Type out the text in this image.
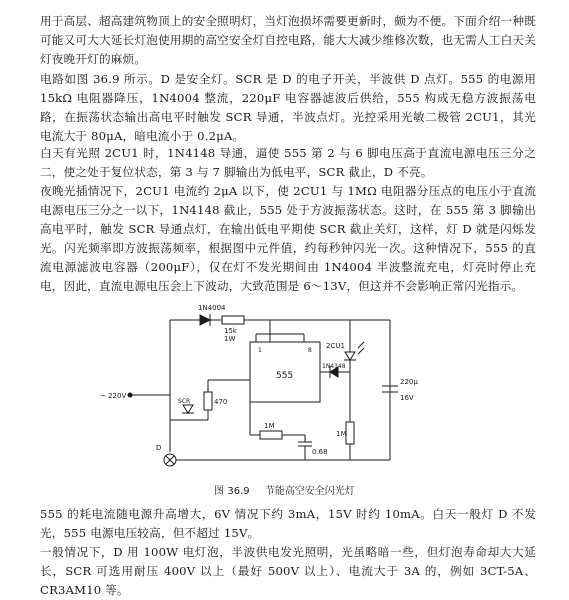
用于高层、超高建筑物顶上的安全照明灯，当灯泡损坏需要更新时，颇为不便。下面介绍一种既可能又可大大延长灯泡使用期的高空安全灯自控电路，能大大减少维修次数，也无需人工白天关灯夜晚开灯的麻烦。

电路如图 36.9 所示。D 是安全灯。SCR 是 D 的电子开关，半波供 D 点灯。555 的电源用 15kΩ 电阻器降压，1N4004 整流，220μF 电容器滤波后供给，555 构成无稳方波振荡电路，在振荡状态输出高电平时触发 SCR 导通，半波点灯。光控采用光敏二极管 2CU1，其光电流大于 80μA，暗电流小于 0.2μA。

白天有光照 2CU1 时，1N4148 导通，逼使 555 第 2 与 6 脚电压高于直流电源电压三分之二，使之处于复位状态，第 3 与 7 脚输出为低电平，SCR 截止，D 不亮。

夜晚光插情况下，2CU1 电流约 2μA 以下，使 2CU1 与 1MΩ 电阻器分压点的电压小于直流电源电压三分之一以下，1N4148 截止，555 处于方波振荡状态。这时，在 555 第 3 脚输出高电平时，触发 SCR 导通点灯，在输出低电平期使 SCR 截止关灯，这样，灯 D 就是闪烁发光。闪光频率即方波振荡频率，根据图中元件值，约每秒钟闪光一次。这种情况下，555 的直流电源滤波电容器（200μF），仅在灯不发光期间由 1N4004 半波整流充电，灯亮时停止充电，因此，直流电源电压会上下波动，大致范围是 6～13V，但这并不会影响正常闪光指示。

1N4004
15k
1W
2CU1
555
1	8
1N4148
220μ
16V
SCR
~ 220V
470
1M
1M
0.68
D
图 36.9 节能高空安全闪光灯

555 的耗电流随电源升高增大，6V 情况下约 3mA，15V 时约 10mA。白天一般灯 D 不发光，555 电源电压较高，但不超过 15V。

一般情况下，D 用 100W 电灯泡，半波供电发光照明，光虽略暗一些，但灯泡寿命却大大延长，SCR 可选用耐压 400V 以上（最好 500V 以上）、电流大于 3A 的，例如 3CT-5A、CR3AM10 等。
